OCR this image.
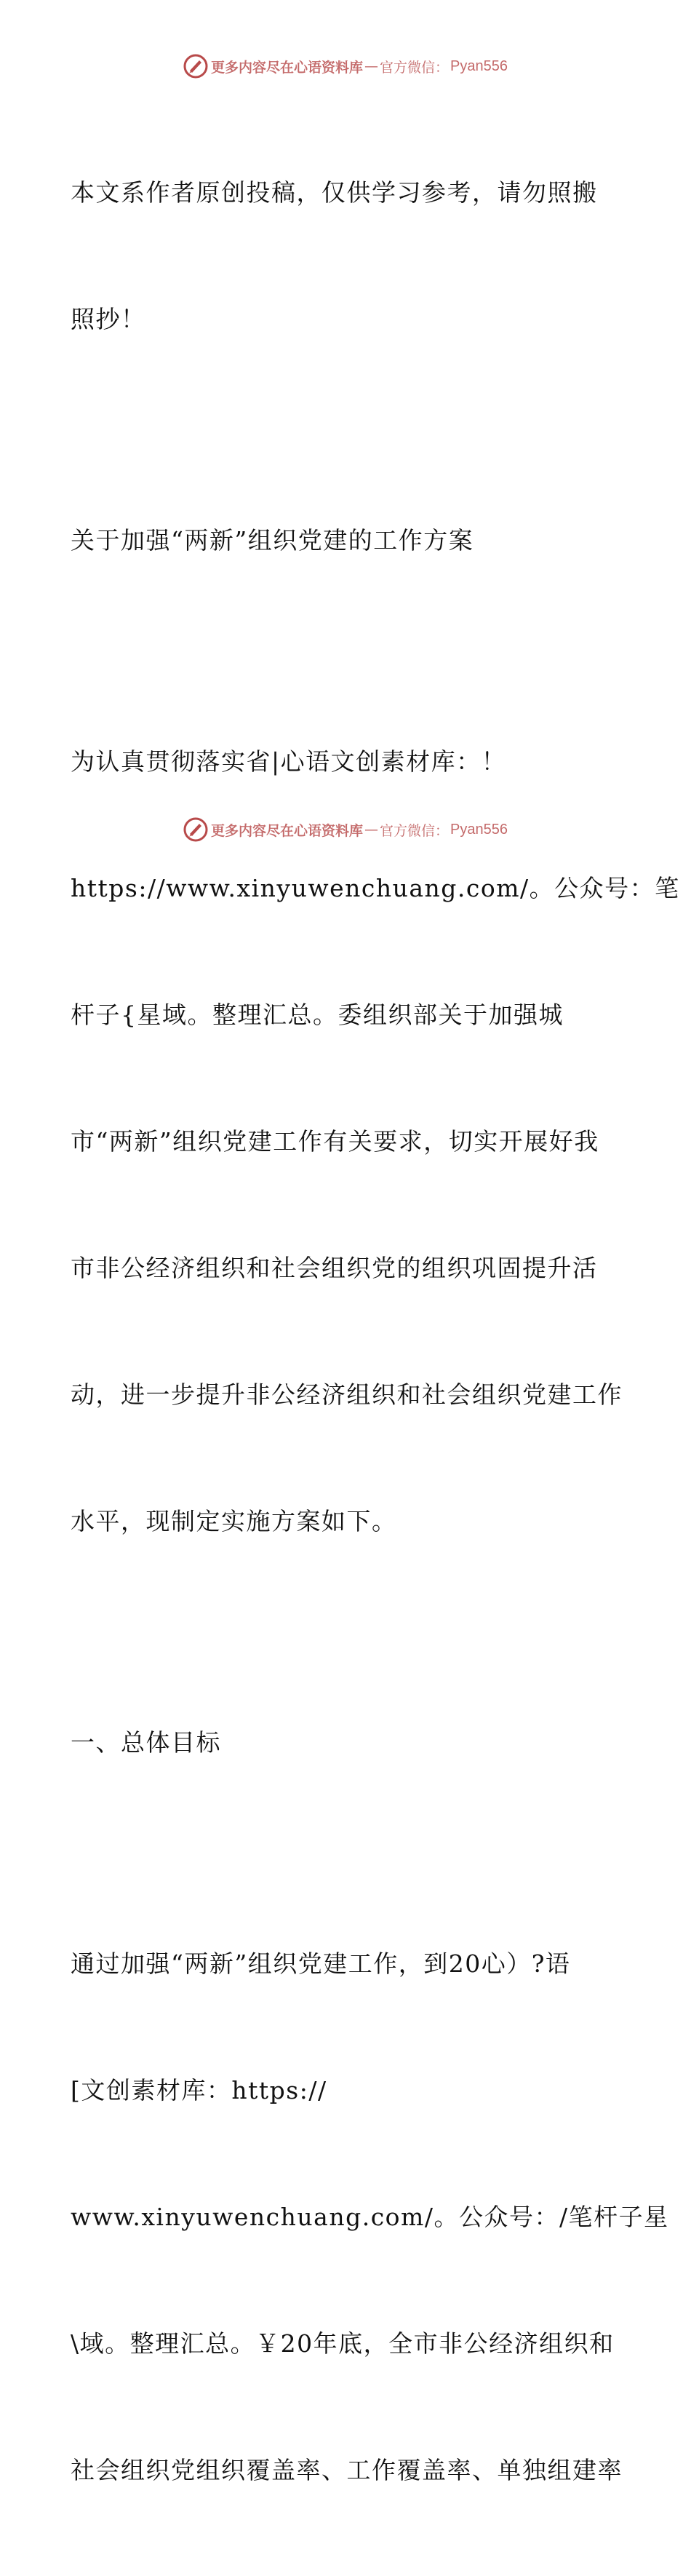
更多内容尽在心语资料库 — 官方微信： Pyan556

本文系作者原创投稿，仅供学习参考，请勿照搬

照抄！

关于加强“两新”组织党建的工作方案

为认真贯彻落实省|心语文创素材库：！

https://www.xinyuwenchuang.com/。公众号：笔

杆子{星域。整理汇总。委组织部关于加强城

市“两新”组织党建工作有关要求，切实开展好我

市非公经济组织和社会组织党的组织巩固提升活

动，进一步提升非公经济组织和社会组织党建工作

水平，现制定实施方案如下。

一、总体目标

通过加强“两新”组织党建工作，到20心）?语

[文创素材库：https://

www.xinyuwenchuang.com/。公众号：/笔杆子星

\域。整理汇总。￥20年底，全市非公经济组织和

社会组织党组织覆盖率、工作覆盖率、单独组建率

更多内容尽在心语资料库 — 官方微信： Pyan556
